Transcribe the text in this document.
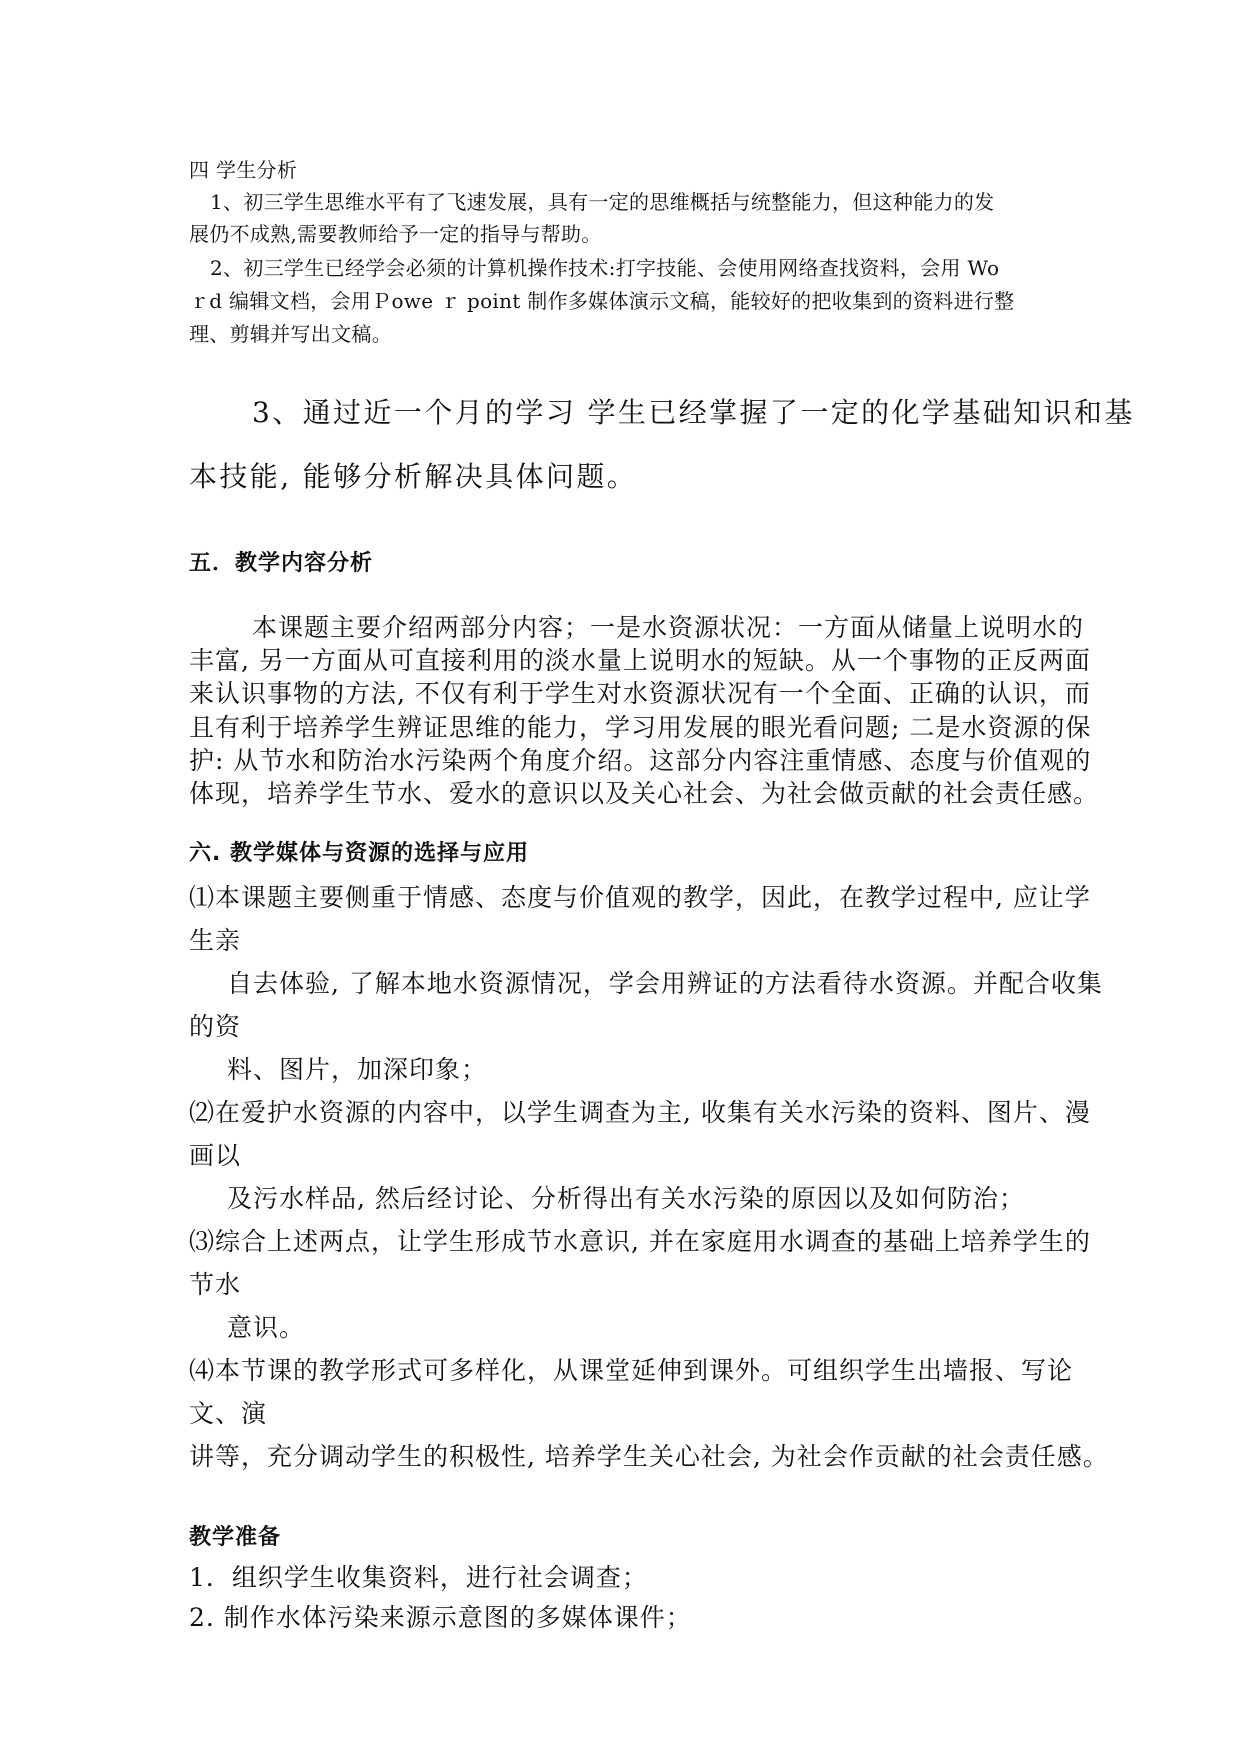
四 学生分析
1、初三学生思维水平有了飞速发展，具有一定的思维概括与统整能力，但这种能力的发
展仍不成熟,需要教师给予一定的指导与帮助。
2、初三学生已经学会必须的计算机操作技术:打字技能、会使用网络查找资料，会用 Wo
ｒd 编辑文档，会用Ｐowe ｒ point 制作多媒体演示文稿，能较好的把收集到的资料进行整
理、剪辑并写出文稿。
3、通过近一个月的学习 学生已经掌握了一定的化学基础知识和基
本技能, 能够分析解决具体问题。
五．教学内容分析
本课题主要介绍两部分内容；一是水资源状况：一方面从储量上说明水的
丰富, 另一方面从可直接利用的淡水量上说明水的短缺。从一个事物的正反两面
来认识事物的方法, 不仅有利于学生对水资源状况有一个全面、正确的认识，而
且有利于培养学生辨证思维的能力，学习用发展的眼光看问题; 二是水资源的保
护: 从节水和防治水污染两个角度介绍。这部分内容注重情感、态度与价值观的
体现，培养学生节水、爱水的意识以及关心社会、为社会做贡献的社会责任感。
六. 教学媒体与资源的选择与应用
⑴本课题主要侧重于情感、态度与价值观的教学，因此，在教学过程中, 应让学
生亲
自去体验, 了解本地水资源情况，学会用辨证的方法看待水资源。并配合收集
的资
料、图片，加深印象；
⑵在爱护水资源的内容中，以学生调查为主, 收集有关水污染的资料、图片、漫
画以
及污水样品, 然后经讨论、分析得出有关水污染的原因以及如何防治；
⑶综合上述两点，让学生形成节水意识, 并在家庭用水调查的基础上培养学生的
节水
意识。
⑷本节课的教学形式可多样化，从课堂延伸到课外。可组织学生出墙报、写论
文、演
讲等，充分调动学生的积极性, 培养学生关心社会, 为社会作贡献的社会责任感。
教学准备
1．组织学生收集资料，进行社会调查；
2. 制作水体污染来源示意图的多媒体课件；
